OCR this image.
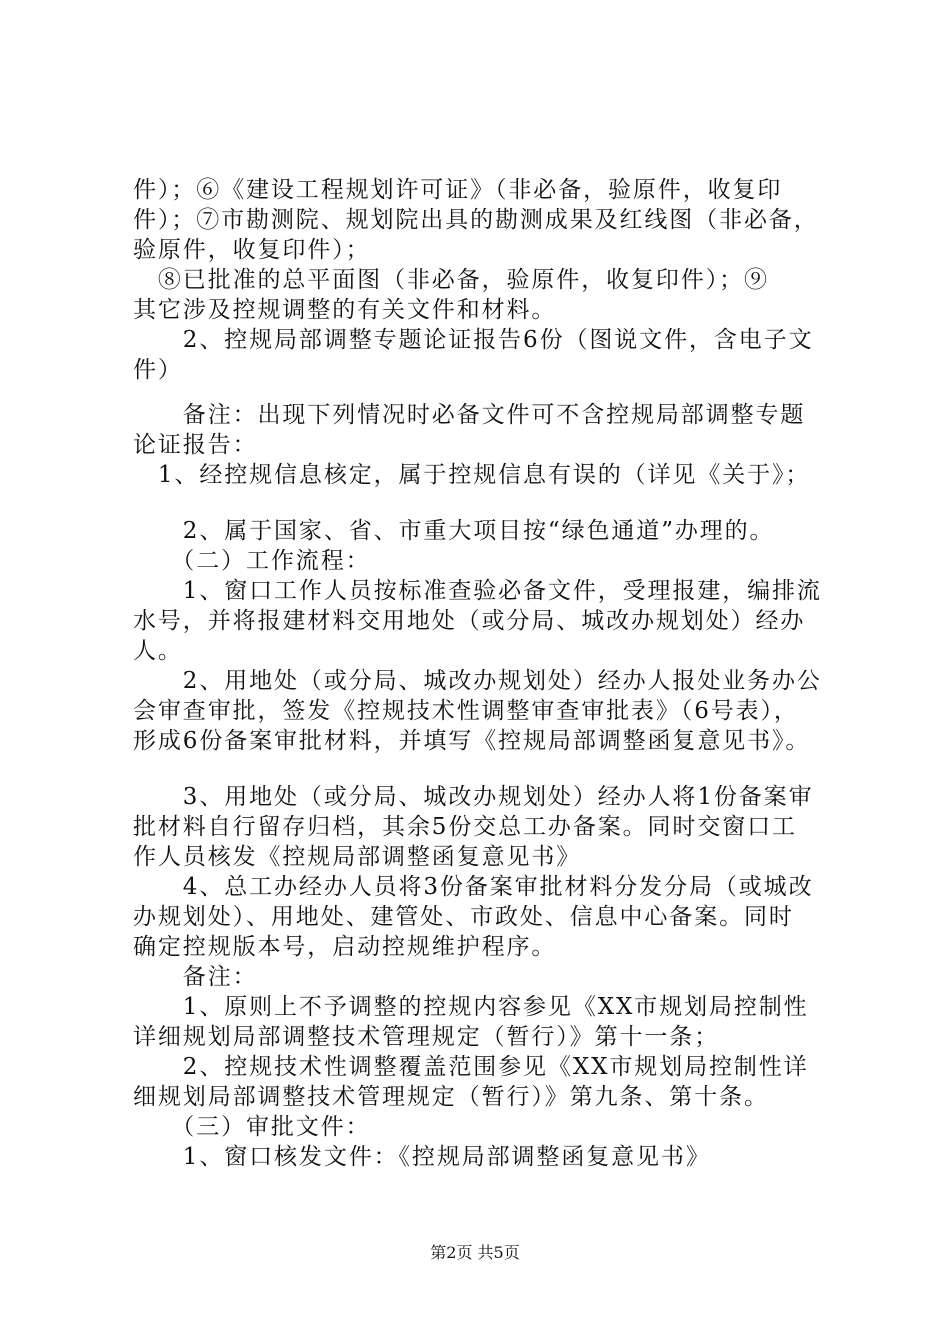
件）；⑥《建设工程规划许可证》（非必备，验原件，收复印
件）；⑦市勘测院、规划院出具的勘测成果及红线图（非必备，
验原件，收复印件）；
　⑧已批准的总平面图（非必备，验原件，收复印件）；⑨
其它涉及控规调整的有关文件和材料。
　　2、控规局部调整专题论证报告6份（图说文件，含电子文
件）
　　备注：出现下列情况时必备文件可不含控规局部调整专题
论证报告：
　1、经控规信息核定，属于控规信息有误的（详见《关于》；
　　2、属于国家、省、市重大项目按“绿色通道”办理的。
　　（二）工作流程：
　　1、窗口工作人员按标准查验必备文件，受理报建，编排流
水号，并将报建材料交用地处（或分局、城改办规划处）经办
人。
　　2、用地处（或分局、城改办规划处）经办人报处业务办公
会审查审批，签发《控规技术性调整审查审批表》（6号表），
形成6份备案审批材料，并填写《控规局部调整函复意见书》。
　　3、用地处（或分局、城改办规划处）经办人将1份备案审
批材料自行留存归档，其余5份交总工办备案。同时交窗口工
作人员核发《控规局部调整函复意见书》
　　4、总工办经办人员将3份备案审批材料分发分局（或城改
办规划处）、用地处、建管处、市政处、信息中心备案。同时
确定控规版本号，启动控规维护程序。
　　备注：
　　1、原则上不予调整的控规内容参见《XX市规划局控制性
详细规划局部调整技术管理规定（暂行）》第十一条；
　　2、控规技术性调整覆盖范围参见《XX市规划局控制性详
细规划局部调整技术管理规定（暂行）》第九条、第十条。
　　（三）审批文件：
　　1、窗口核发文件：《控规局部调整函复意见书》
第2页 共5页
